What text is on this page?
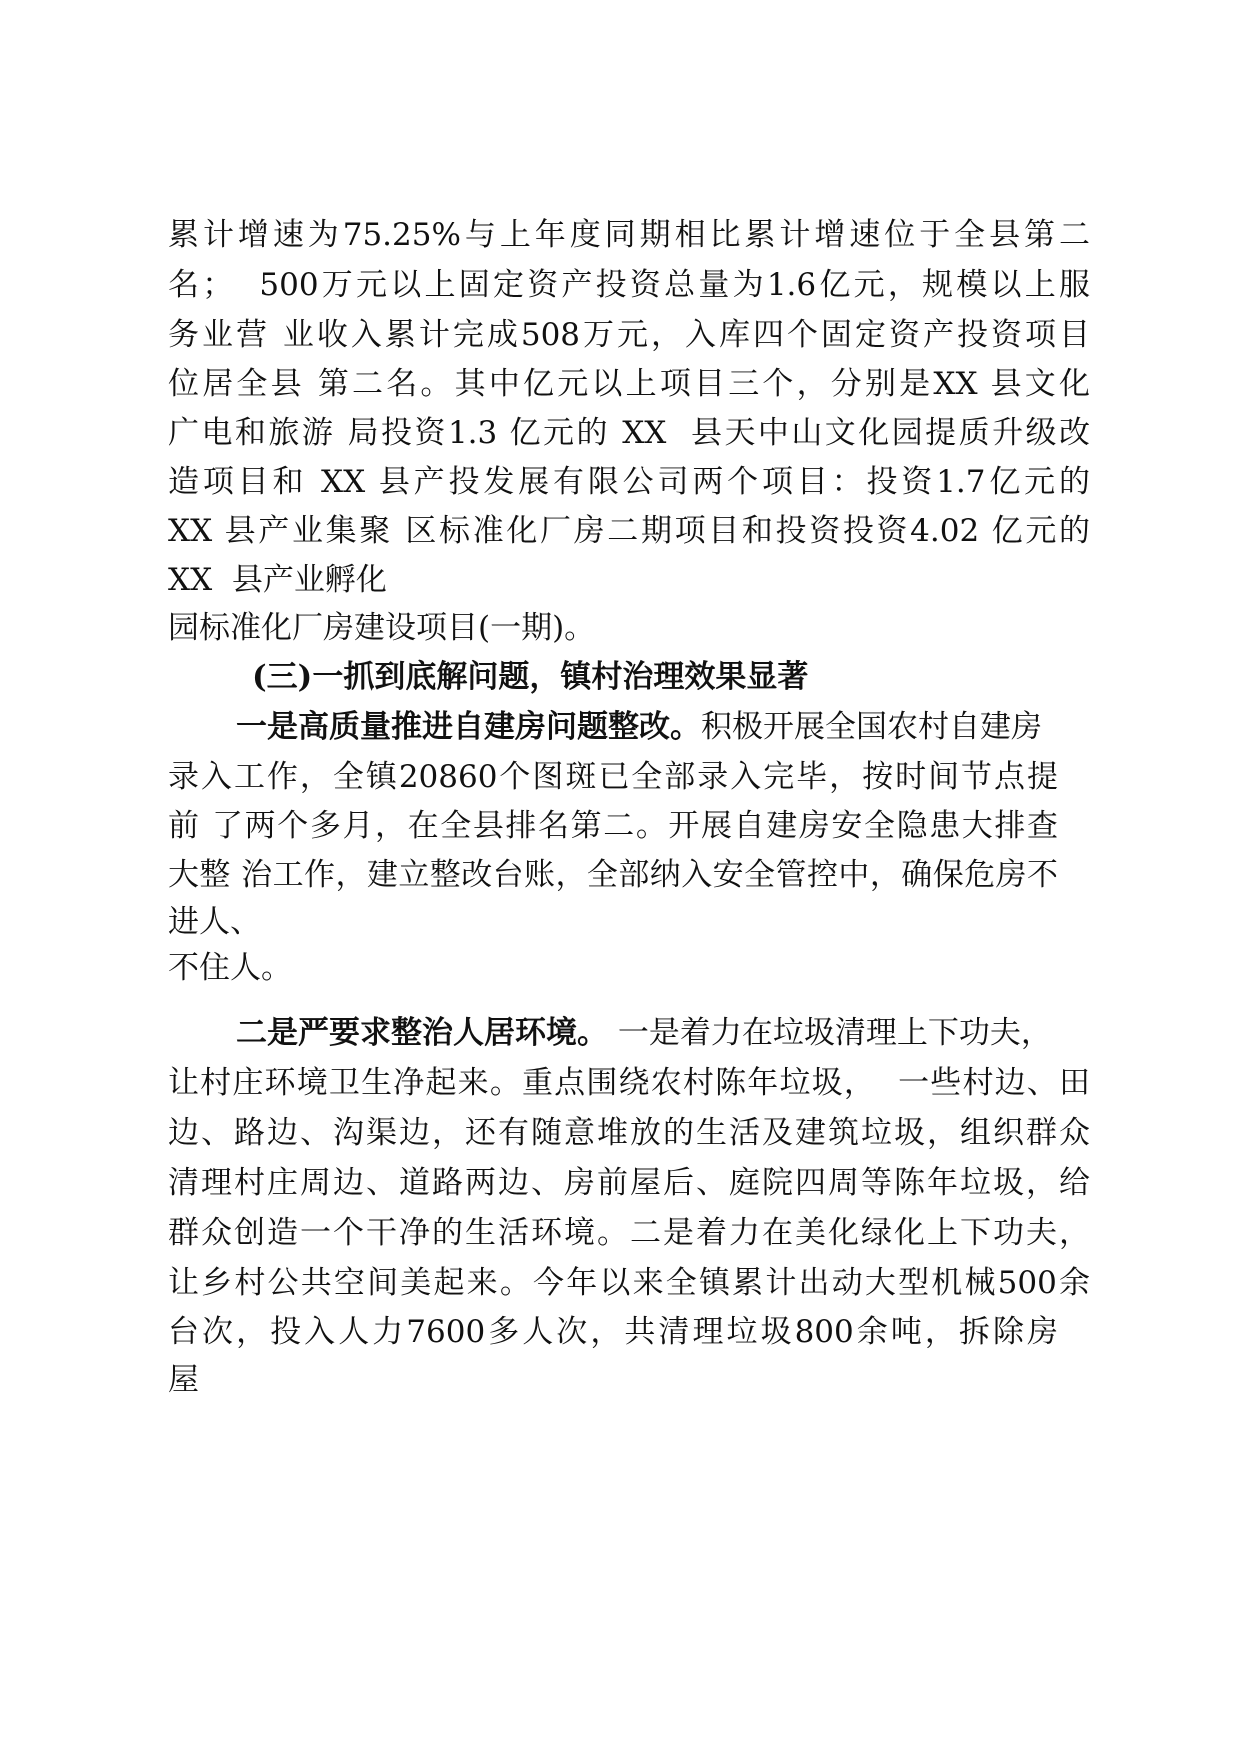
累计增速为75.25%与上年度同期相比累计增速位于全县第二
名；  500万元以上固定资产投资总量为1.6亿元，规模以上服
务业营 业收入累计完成508万元，入库四个固定资产投资项目
位居全县 第二名。其中亿元以上项目三个，分别是XX 县文化
广电和旅游 局投资1.3 亿元的 XX  县天中山文化园提质升级改
造项目和 XX 县产投发展有限公司两个项目：投资1.7亿元的
XX 县产业集聚 区标准化厂房二期项目和投资投资4.02 亿元的
XX  县产业孵化
园标准化厂房建设项目(一期)。
(三)一抓到底解问题，镇村治理效果显著
一是高质量推进自建房问题整改。积极开展全国农村自建房
录入工作，全镇20860个图斑已全部录入完毕，按时间节点提
前 了两个多月，在全县排名第二。开展自建房安全隐患大排查
大整 治工作，建立整改台账，全部纳入安全管控中，确保危房不
进人、
不住人。
二是严要求整治人居环境。 一是着力在垃圾清理上下功夫，
让村庄环境卫生净起来。重点围绕农村陈年垃圾，  一些村边、田
边、路边、沟渠边，还有随意堆放的生活及建筑垃圾，组织群众
清理村庄周边、道路两边、房前屋后、庭院四周等陈年垃圾，给
群众创造一个干净的生活环境。二是着力在美化绿化上下功夫，
让乡村公共空间美起来。今年以来全镇累计出动大型机械500余
台次，投入人力7600多人次，共清理垃圾800余吨，拆除房
屋
